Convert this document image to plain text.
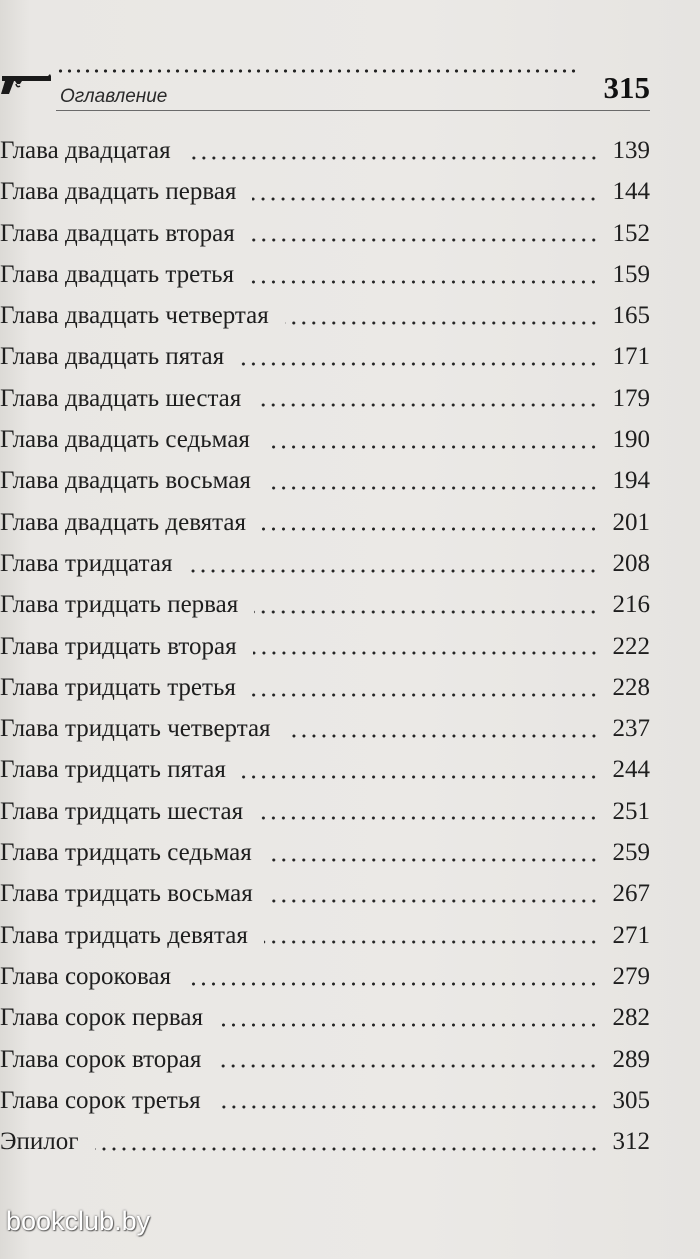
Оглавление	315
Глава двадцатая	139
Глава двадцать первая	144
Глава двадцать вторая	152
Глава двадцать третья	159
Глава двадцать четвертая	165
Глава двадцать пятая	171
Глава двадцать шестая	179
Глава двадцать седьмая	190
Глава двадцать восьмая	194
Глава двадцать девятая	201
Глава тридцатая	208
Глава тридцать первая	216
Глава тридцать вторая	222
Глава тридцать третья	228
Глава тридцать четвертая	237
Глава тридцать пятая	244
Глава тридцать шестая	251
Глава тридцать седьмая	259
Глава тридцать восьмая	267
Глава тридцать девятая	271
Глава сороковая	279
Глава сорок первая	282
Глава сорок вторая	289
Глава сорок третья	305
Эпилог	312
bookclub.by
